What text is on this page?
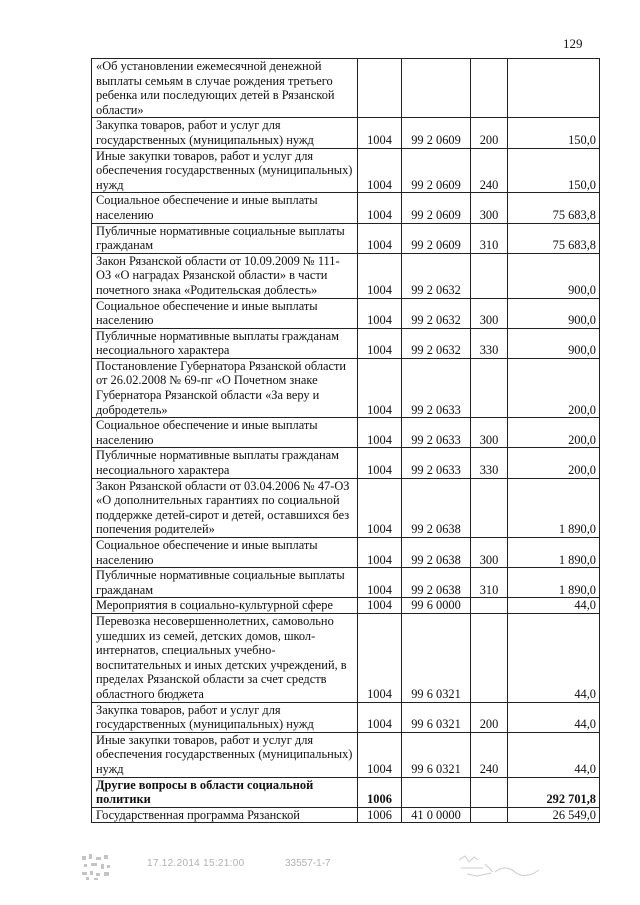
129
«Об установлении ежемесячной денежной выплаты семьям в случае рождения третьего ребенка или последующих детей в Рязанской области»				
Закупка товаров, работ и услуг для государственных (муниципальных) нужд	1004	99 2 0609	200	150,0
Иные закупки товаров, работ и услуг для обеспечения государственных (муниципальных) нужд	1004	99 2 0609	240	150,0
Социальное обеспечение и иные выплаты населению	1004	99 2 0609	300	75 683,8
Публичные нормативные социальные выплаты гражданам	1004	99 2 0609	310	75 683,8
Закон Рязанской области от 10.09.2009 № 111-ОЗ «О наградах Рязанской области» в части почетного знака «Родительская доблесть»	1004	99 2 0632		900,0
Социальное обеспечение и иные выплаты населению	1004	99 2 0632	300	900,0
Публичные нормативные выплаты гражданам несоциального характера	1004	99 2 0632	330	900,0
Постановление Губернатора Рязанской области от 26.02.2008 № 69-пг «О Почетном знаке Губернатора Рязанской области «За веру и добродетель»	1004	99 2 0633		200,0
Социальное обеспечение и иные выплаты населению	1004	99 2 0633	300	200,0
Публичные нормативные выплаты гражданам несоциального характера	1004	99 2 0633	330	200,0
Закон Рязанской области от 03.04.2006 № 47-ОЗ «О дополнительных гарантиях по социальной поддержке детей-сирот и детей, оставшихся без попечения родителей»	1004	99 2 0638		1 890,0
Социальное обеспечение и иные выплаты населению	1004	99 2 0638	300	1 890,0
Публичные нормативные социальные выплаты гражданам	1004	99 2 0638	310	1 890,0
Мероприятия в социально-культурной сфере	1004	99 6 0000		44,0
Перевозка несовершеннолетних, самовольно ушедших из семей, детских домов, школ-интернатов, специальных учебно-воспитательных и иных детских учреждений, в пределах Рязанской области за счет средств областного бюджета	1004	99 6 0321		44,0
Закупка товаров, работ и услуг для государственных (муниципальных) нужд	1004	99 6 0321	200	44,0
Иные закупки товаров, работ и услуг для обеспечения государственных (муниципальных) нужд	1004	99 6 0321	240	44,0
Другие вопросы в области социальной политики	1006			292 701,8
Государственная программа Рязанской	1006	41 0 0000		26 549,0
17.12.2014 15:21:00	33557-1-7
